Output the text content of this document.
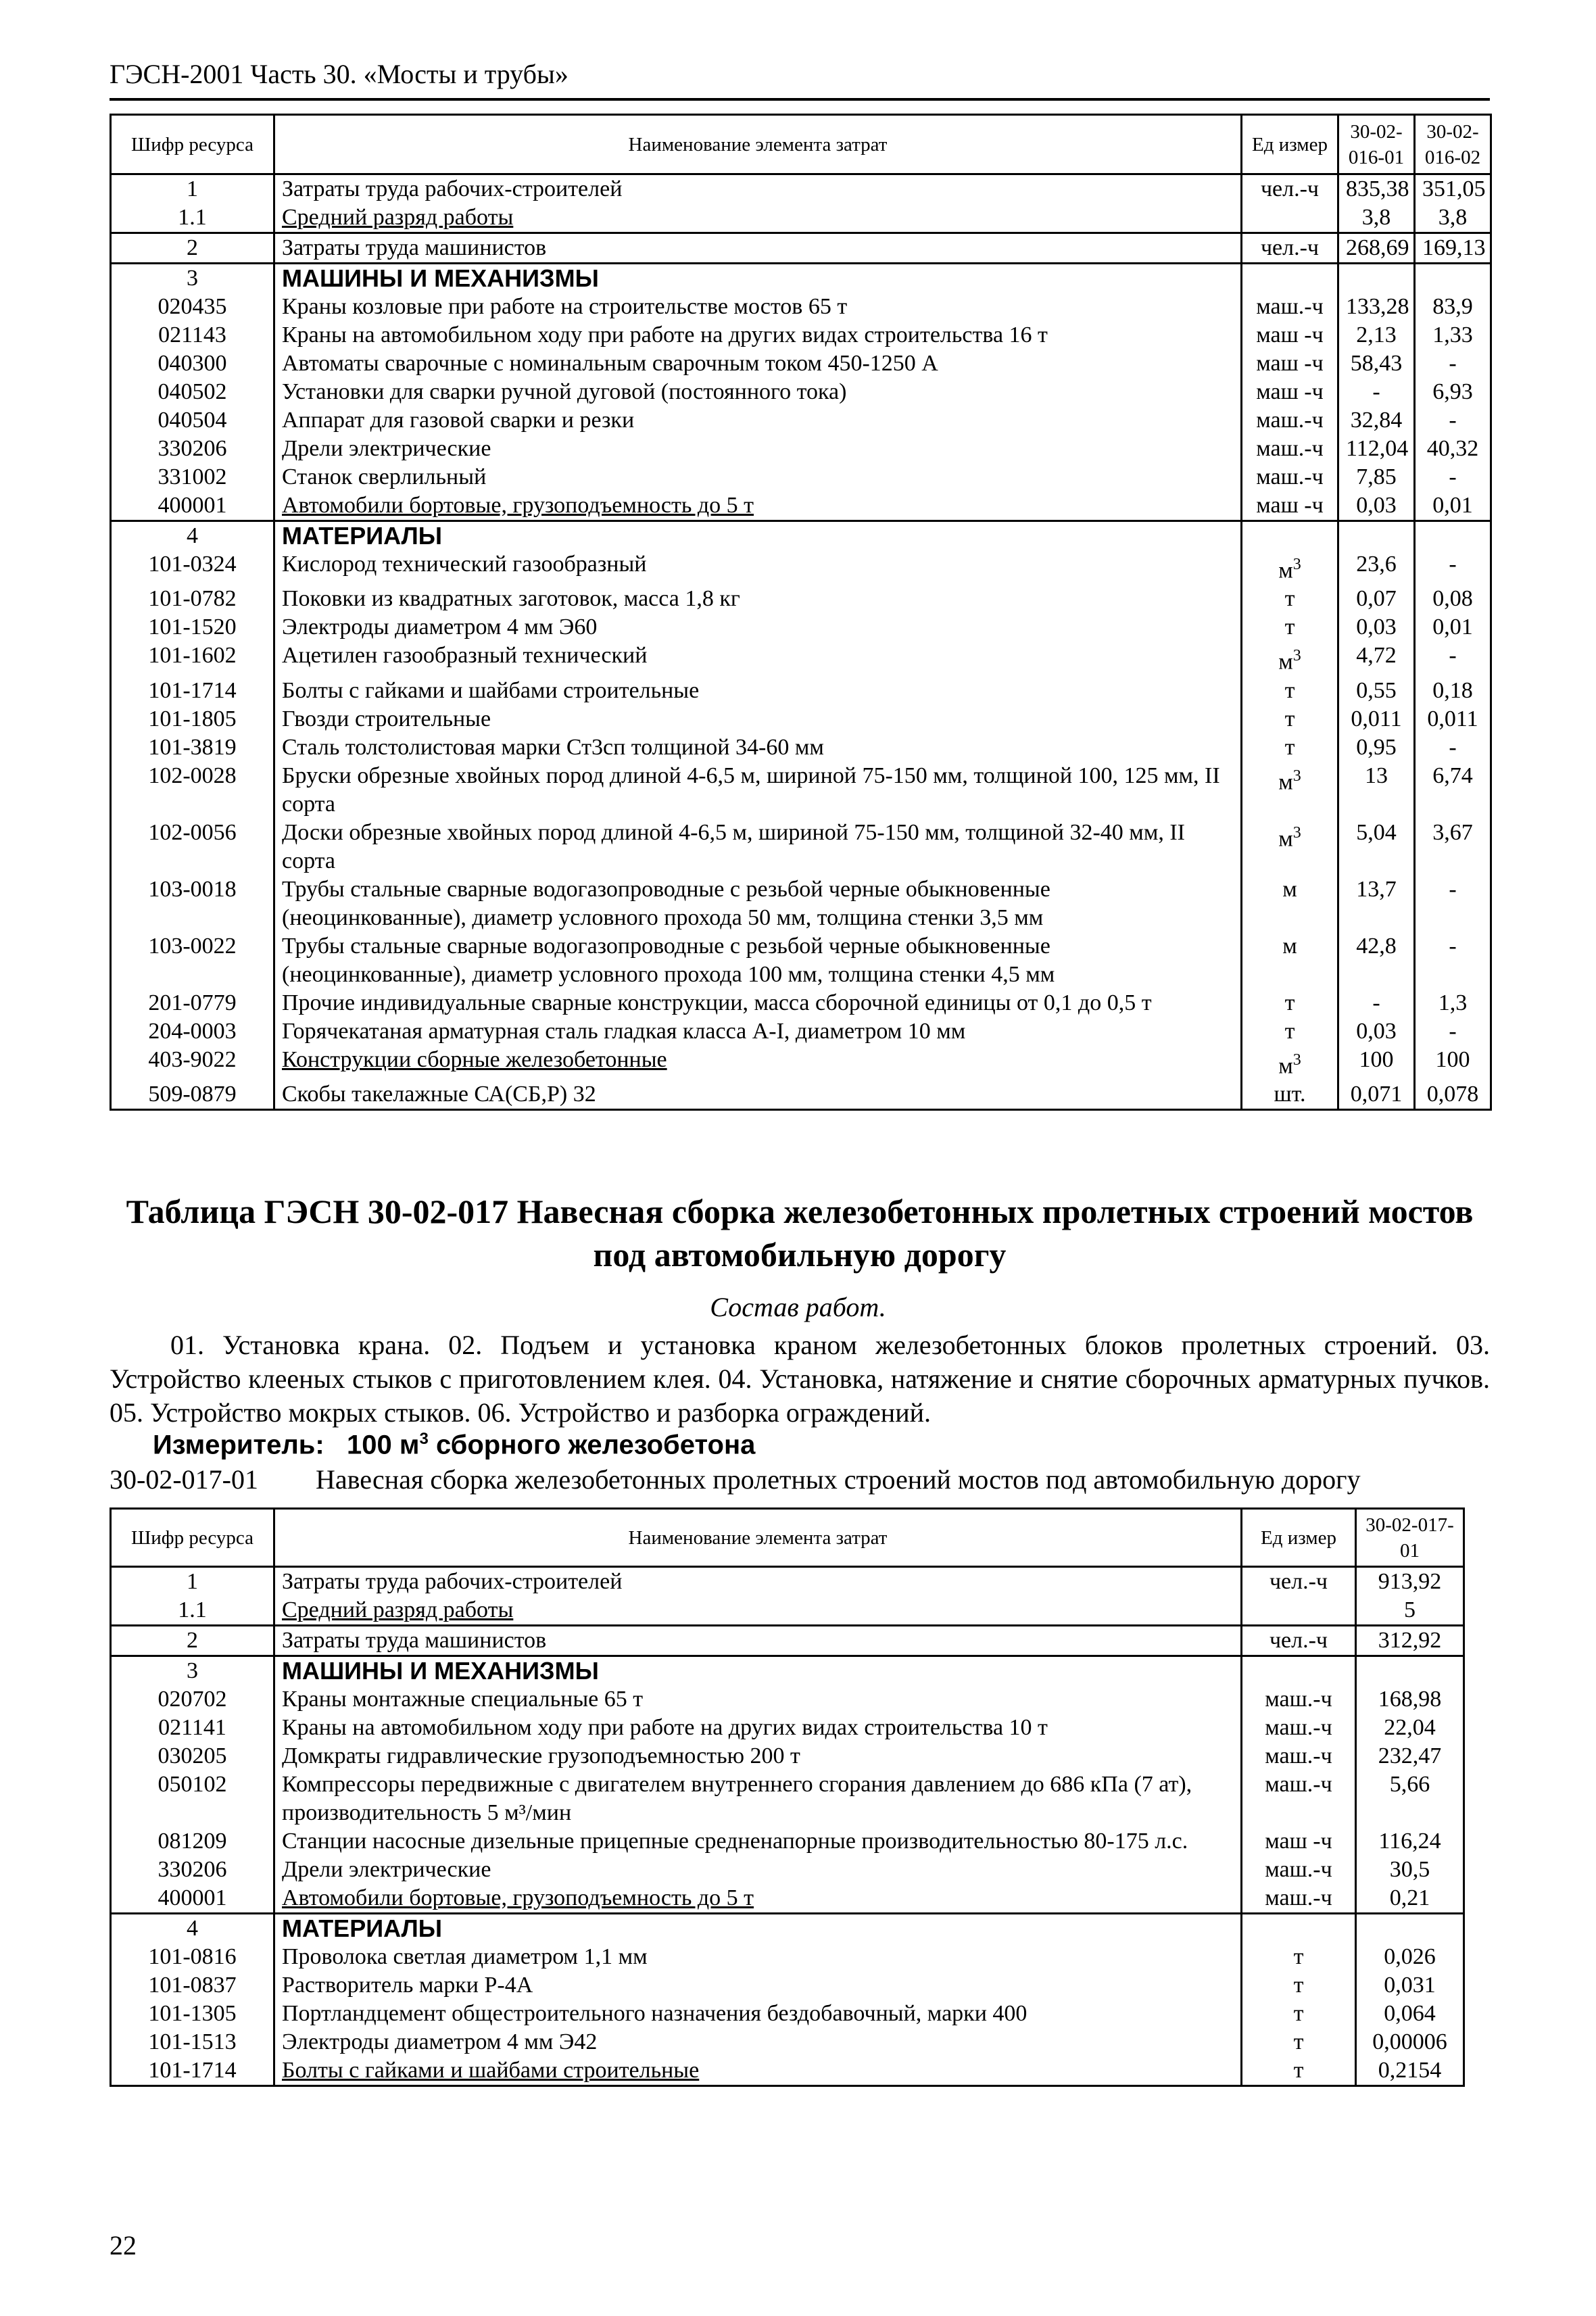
ГЭСН-2001 Часть 30. «Мосты и трубы»
Шифр ресурса	Наименование элемента затрат	Ед измер	30-02-016-01	30-02-016-02
1	Затраты труда рабочих-строителей	чел.-ч	835,38	351,05
1.1	Средний разряд работы		3,8	3,8
2	Затраты труда машинистов	чел.-ч	268,69	169,13
3	МАШИНЫ И МЕХАНИЗМЫ			
020435	Краны козловые при работе на строительстве мостов 65 т	маш.-ч	133,28	83,9
021143	Краны на автомобильном ходу при работе на других видах строительства 16 т	маш -ч	2,13	1,33
040300	Автоматы сварочные с номинальным сварочным током 450-1250 А	маш -ч	58,43	-
040502	Установки для сварки ручной дуговой (постоянного тока)	маш -ч	-	6,93
040504	Аппарат для газовой сварки и резки	маш.-ч	32,84	-
330206	Дрели электрические	маш.-ч	112,04	40,32
331002	Станок сверлильный	маш.-ч	7,85	-
400001	Автомобили бортовые, грузоподъемность до 5 т	маш -ч	0,03	0,01
4	МАТЕРИАЛЫ			
101-0324	Кислород технический газообразный	$м^3$	23,6	-
101-0782	Поковки из квадратных заготовок, масса 1,8 кг	т	0,07	0,08
101-1520	Электроды диаметром 4 мм Э60	т	0,03	0,01
101-1602	Ацетилен газообразный технический	$м^3$	4,72	-
101-1714	Болты с гайками и шайбами строительные	т	0,55	0,18
101-1805	Гвозди строительные	т	0,011	0,011
101-3819	Сталь толстолистовая марки Ст3сп толщиной 34-60 мм	т	0,95	-
102-0028	Бруски обрезные хвойных пород длиной 4-6,5 м, шириной 75-150 мм, толщиной 100, 125 мм, II сорта	$м^3$	13	6,74
102-0056	Доски обрезные хвойных пород длиной 4-6,5 м, шириной 75-150 мм, толщиной 32-40 мм, II сорта	$м^3$	5,04	3,67
103-0018	Трубы стальные сварные водогазопроводные с резьбой черные обыкновенные (неоцинкованные), диаметр условного прохода 50 мм, толщина стенки 3,5 мм	м	13,7	-
103-0022	Трубы стальные сварные водогазопроводные с резьбой черные обыкновенные (неоцинкованные), диаметр условного прохода 100 мм, толщина стенки 4,5 мм	м	42,8	-
201-0779	Прочие индивидуальные сварные конструкции, масса сборочной единицы от 0,1 до 0,5 т	т	-	1,3
204-0003	Горячекатаная арматурная сталь гладкая класса А-I, диаметром 10 мм	т	0,03	-
403-9022	Конструкции сборные железобетонные	$м^3$	100	100
509-0879	Скобы такелажные СА(СБ,Р) 32	шт.	0,071	0,078
Таблица ГЭСН 30-02-017 Навесная сборка железобетонных пролетных строений мостов под автомобильную дорогу
Состав работ.
01. Установка крана. 02. Подъем и установка краном железобетонных блоков пролетных строений. 03. Устройство клееных стыков с приготовлением клея. 04. Установка, натяжение и снятие сборочных арматурных пучков. 05. Устройство мокрых стыков. 06. Устройство и разборка ограждений.
Измеритель: 100 $м^3$ сборного железобетона
30-02-017-01 Навесная сборка железобетонных пролетных строений мостов под автомобильную дорогу
Шифр ресурса	Наименование элемента затрат	Ед измер	30-02-017-01
1	Затраты труда рабочих-строителей	чел.-ч	913,92
1.1	Средний разряд работы		5
2	Затраты труда машинистов	чел.-ч	312,92
3	МАШИНЫ И МЕХАНИЗМЫ		
020702	Краны монтажные специальные 65 т	маш.-ч	168,98
021141	Краны на автомобильном ходу при работе на других видах строительства 10 т	маш.-ч	22,04
030205	Домкраты гидравлические грузоподъемностью 200 т	маш.-ч	232,47
050102	Компрессоры передвижные с двигателем внутреннего сгорания давлением до 686 кПа (7 ат), производительность 5 м³/мин	маш.-ч	5,66
081209	Станции насосные дизельные прицепные средненапорные производительностью 80-175 л.с.	маш -ч	116,24
330206	Дрели электрические	маш.-ч	30,5
400001	Автомобили бортовые, грузоподъемность до 5 т	маш.-ч	0,21
4	МАТЕРИАЛЫ		
101-0816	Проволока светлая диаметром 1,1 мм	т	0,026
101-0837	Растворитель марки Р-4А	т	0,031
101-1305	Портландцемент общестроительного назначения бездобавочный, марки 400	т	0,064
101-1513	Электроды диаметром 4 мм Э42	т	0,00006
101-1714	Болты с гайками и шайбами строительные	т	0,2154
22
